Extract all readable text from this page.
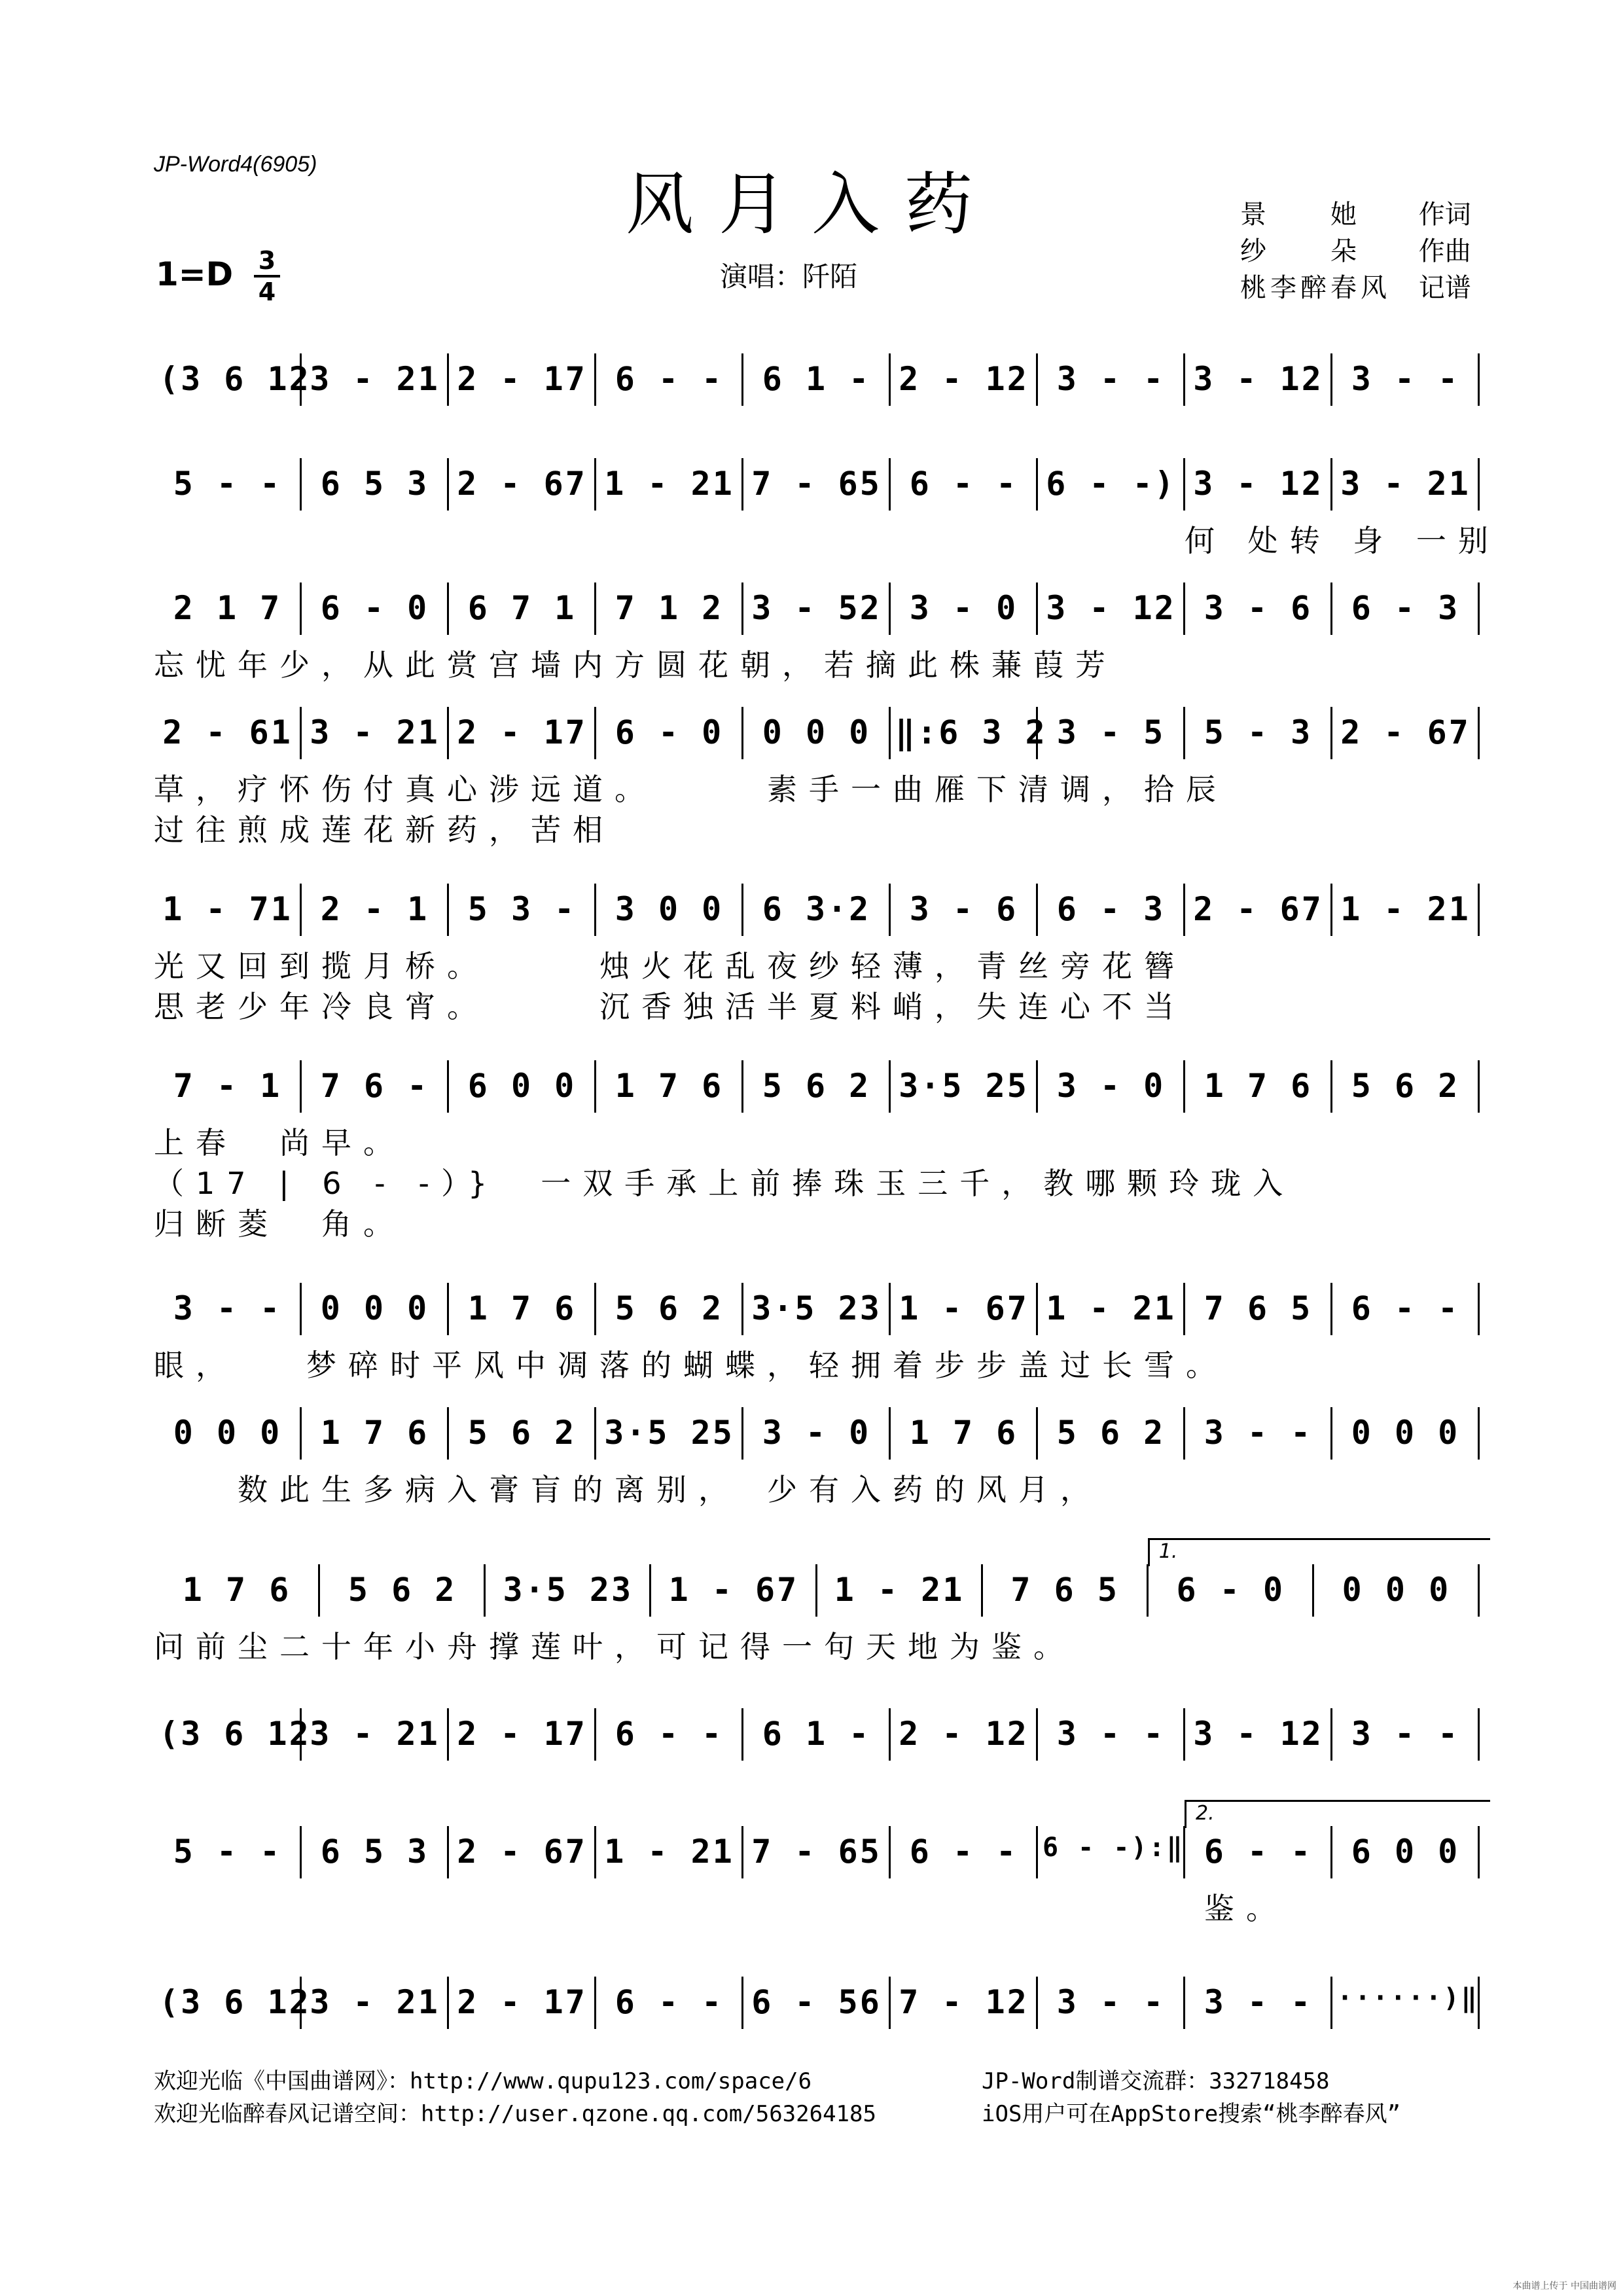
JP-Word4(6905)	风月入药
1=D 3
4	演唱：阡陌
景　　她 作词
纱　　朵 作曲
桃李醉春风 记谱
(3 6 12
3 - 21 2 - 17 6 - -	6 1 - 2 - 12 3 - - 3 - 12 3 - -
5 - -	6 5 3 2 - 67 1 - 21 7 - 65 6 - - 6 - -) 3 - 12 3 - 21
何 处转 身 一别
2 1 7	6 - 0	6 7 1	7 1 2 3 - 52 3 - 0 3 - 12 3 - 6	6 - 3
忘忧年少，从此赏宫墙内方圆花朝，若摘此株蒹葭芳
2 - 61 3 - 21 2 - 17 6 - 0	0 0 0 ‖:6 3 2 3 - 5	5 - 3 2 - 67
草，疗怀伤付真心涉远道。　　　素手一曲雁下清调，拾辰
过往煎成莲花新药，苦相
1 - 71 2 - 1	5 3 -	3 0 0	6 3·2	3 - 6	6 - 3 2 - 67 1 - 21
光又回到揽月桥。　　　烛火花乱夜纱轻薄，青丝旁花簪
思老少年冷良宵。　　　沉香独活半夏料峭，失连心不当
7 - 1	7 6 -	6 0 0	1 7 6	5 6 2 3·5 25 3 - 0	1 7 6	5 6 2
上春　尚早。
（17 | 6 - -）}　一双手承上前捧珠玉三千，教哪颗玲珑入
归断菱　角。
3 - -	0 0 0	1 7 6	5 6 2 3·5 23 1 - 67 1 - 21 7 6 5	6 - -
眼，　　梦碎时平风中凋落的蝴蝶，轻拥着步步盖过长雪。
0 0 0	1 7 6	5 6 2 3·5 25 3 - 0	1 7 6	5 6 2	3 - -	0 0 0
　　数此生多病入膏肓的离别，　少有入药的风月，
1 7 6	5 6 2	3·5 23	1 - 67	1 - 21	7 6 5	6 - 0	0 0 0
1.
问前尘二十年小舟撑莲叶，可记得一句天地为鉴。
(3 6 12
3 - 21 2 - 17 6 - -	6 1 - 2 - 12 3 - - 3 - 12 3 - -
5 - -	6 5 3 2 - 67 1 - 21 7 - 65 6 - - 6 - -):‖ 6 - -	6 0 0
2.
鉴。
(3 6 12
3 - 21 2 - 17 6 - - 6 - 56 7 - 12 3 - -	3 - - ······)‖
欢迎光临《中国曲谱网》：http://www.qupu123.com/space/6
欢迎光临醉春风记谱空间：http://user.qzone.qq.com/563264185
JP-Word制谱交流群：332718458
iOS用户可在AppStore搜索“桃李醉春风”
本曲谱上传于 中国曲谱网
